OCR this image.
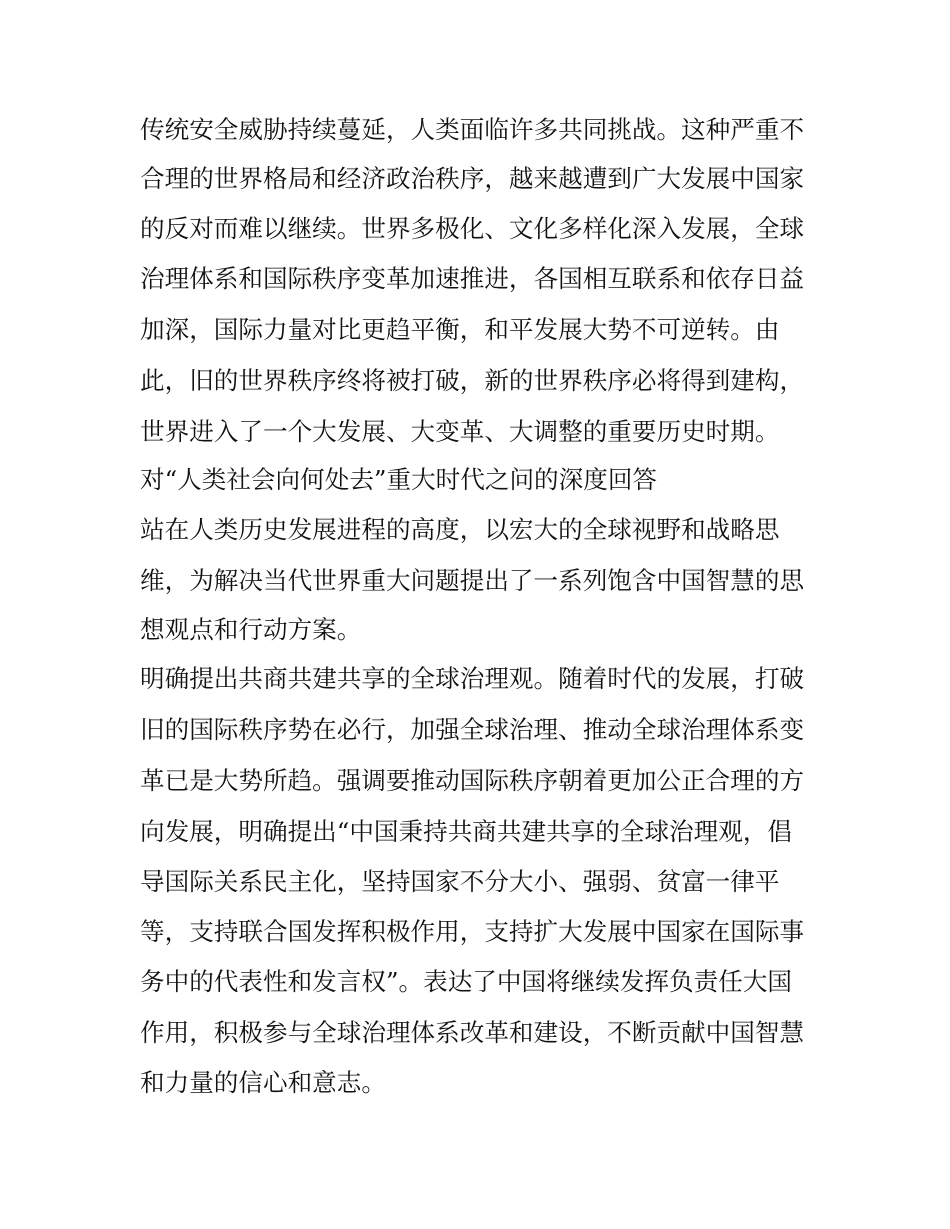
传统安全威胁持续蔓延，人类面临许多共同挑战。这种严重不
合理的世界格局和经济政治秩序，越来越遭到广大发展中国家
的反对而难以继续。世界多极化、文化多样化深入发展，全球
治理体系和国际秩序变革加速推进，各国相互联系和依存日益
加深，国际力量对比更趋平衡，和平发展大势不可逆转。由
此，旧的世界秩序终将被打破，新的世界秩序必将得到建构，
世界进入了一个大发展、大变革、大调整的重要历史时期。
对“人类社会向何处去”重大时代之问的深度回答
站在人类历史发展进程的高度，以宏大的全球视野和战略思
维，为解决当代世界重大问题提出了一系列饱含中国智慧的思
想观点和行动方案。
明确提出共商共建共享的全球治理观。随着时代的发展，打破
旧的国际秩序势在必行，加强全球治理、推动全球治理体系变
革已是大势所趋。强调要推动国际秩序朝着更加公正合理的方
向发展，明确提出“中国秉持共商共建共享的全球治理观，倡
导国际关系民主化，坚持国家不分大小、强弱、贫富一律平
等，支持联合国发挥积极作用，支持扩大发展中国家在国际事
务中的代表性和发言权”。表达了中国将继续发挥负责任大国
作用，积极参与全球治理体系改革和建设，不断贡献中国智慧
和力量的信心和意志。
